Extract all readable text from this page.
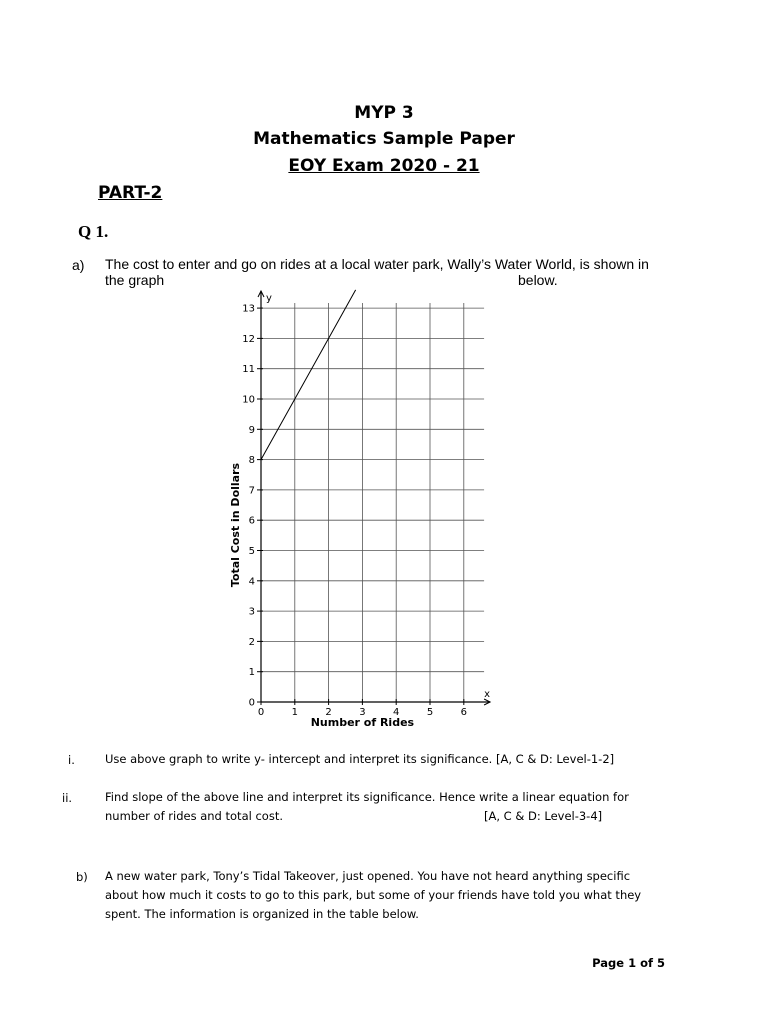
MYP 3
Mathematics Sample Paper
EOY Exam 2020 - 21
PART-2
Q 1.
a) The cost to enter and go on rides at a local water park, Wally’s Water World, is shown in
the graph	below.
0	1	2	3	4	5	6
0
1
2
3
4
5
6
7
8
9
10
11
12
13
Number of Rides
Total Cost in Dollars
x
y
i.	Use above graph to write y- intercept and interpret its significance. [A, C & D: Level-1-2]
ii.	Find slope of the above line and interpret its significance. Hence write a linear equation for
number of rides and total cost.	[A, C & D: Level-3-4]
b) A new water park, Tony’s Tidal Takeover, just opened. You have not heard anything specific
about how much it costs to go to this park, but some of your friends have told you what they
spent. The information is organized in the table below.
Page 1 of 5
